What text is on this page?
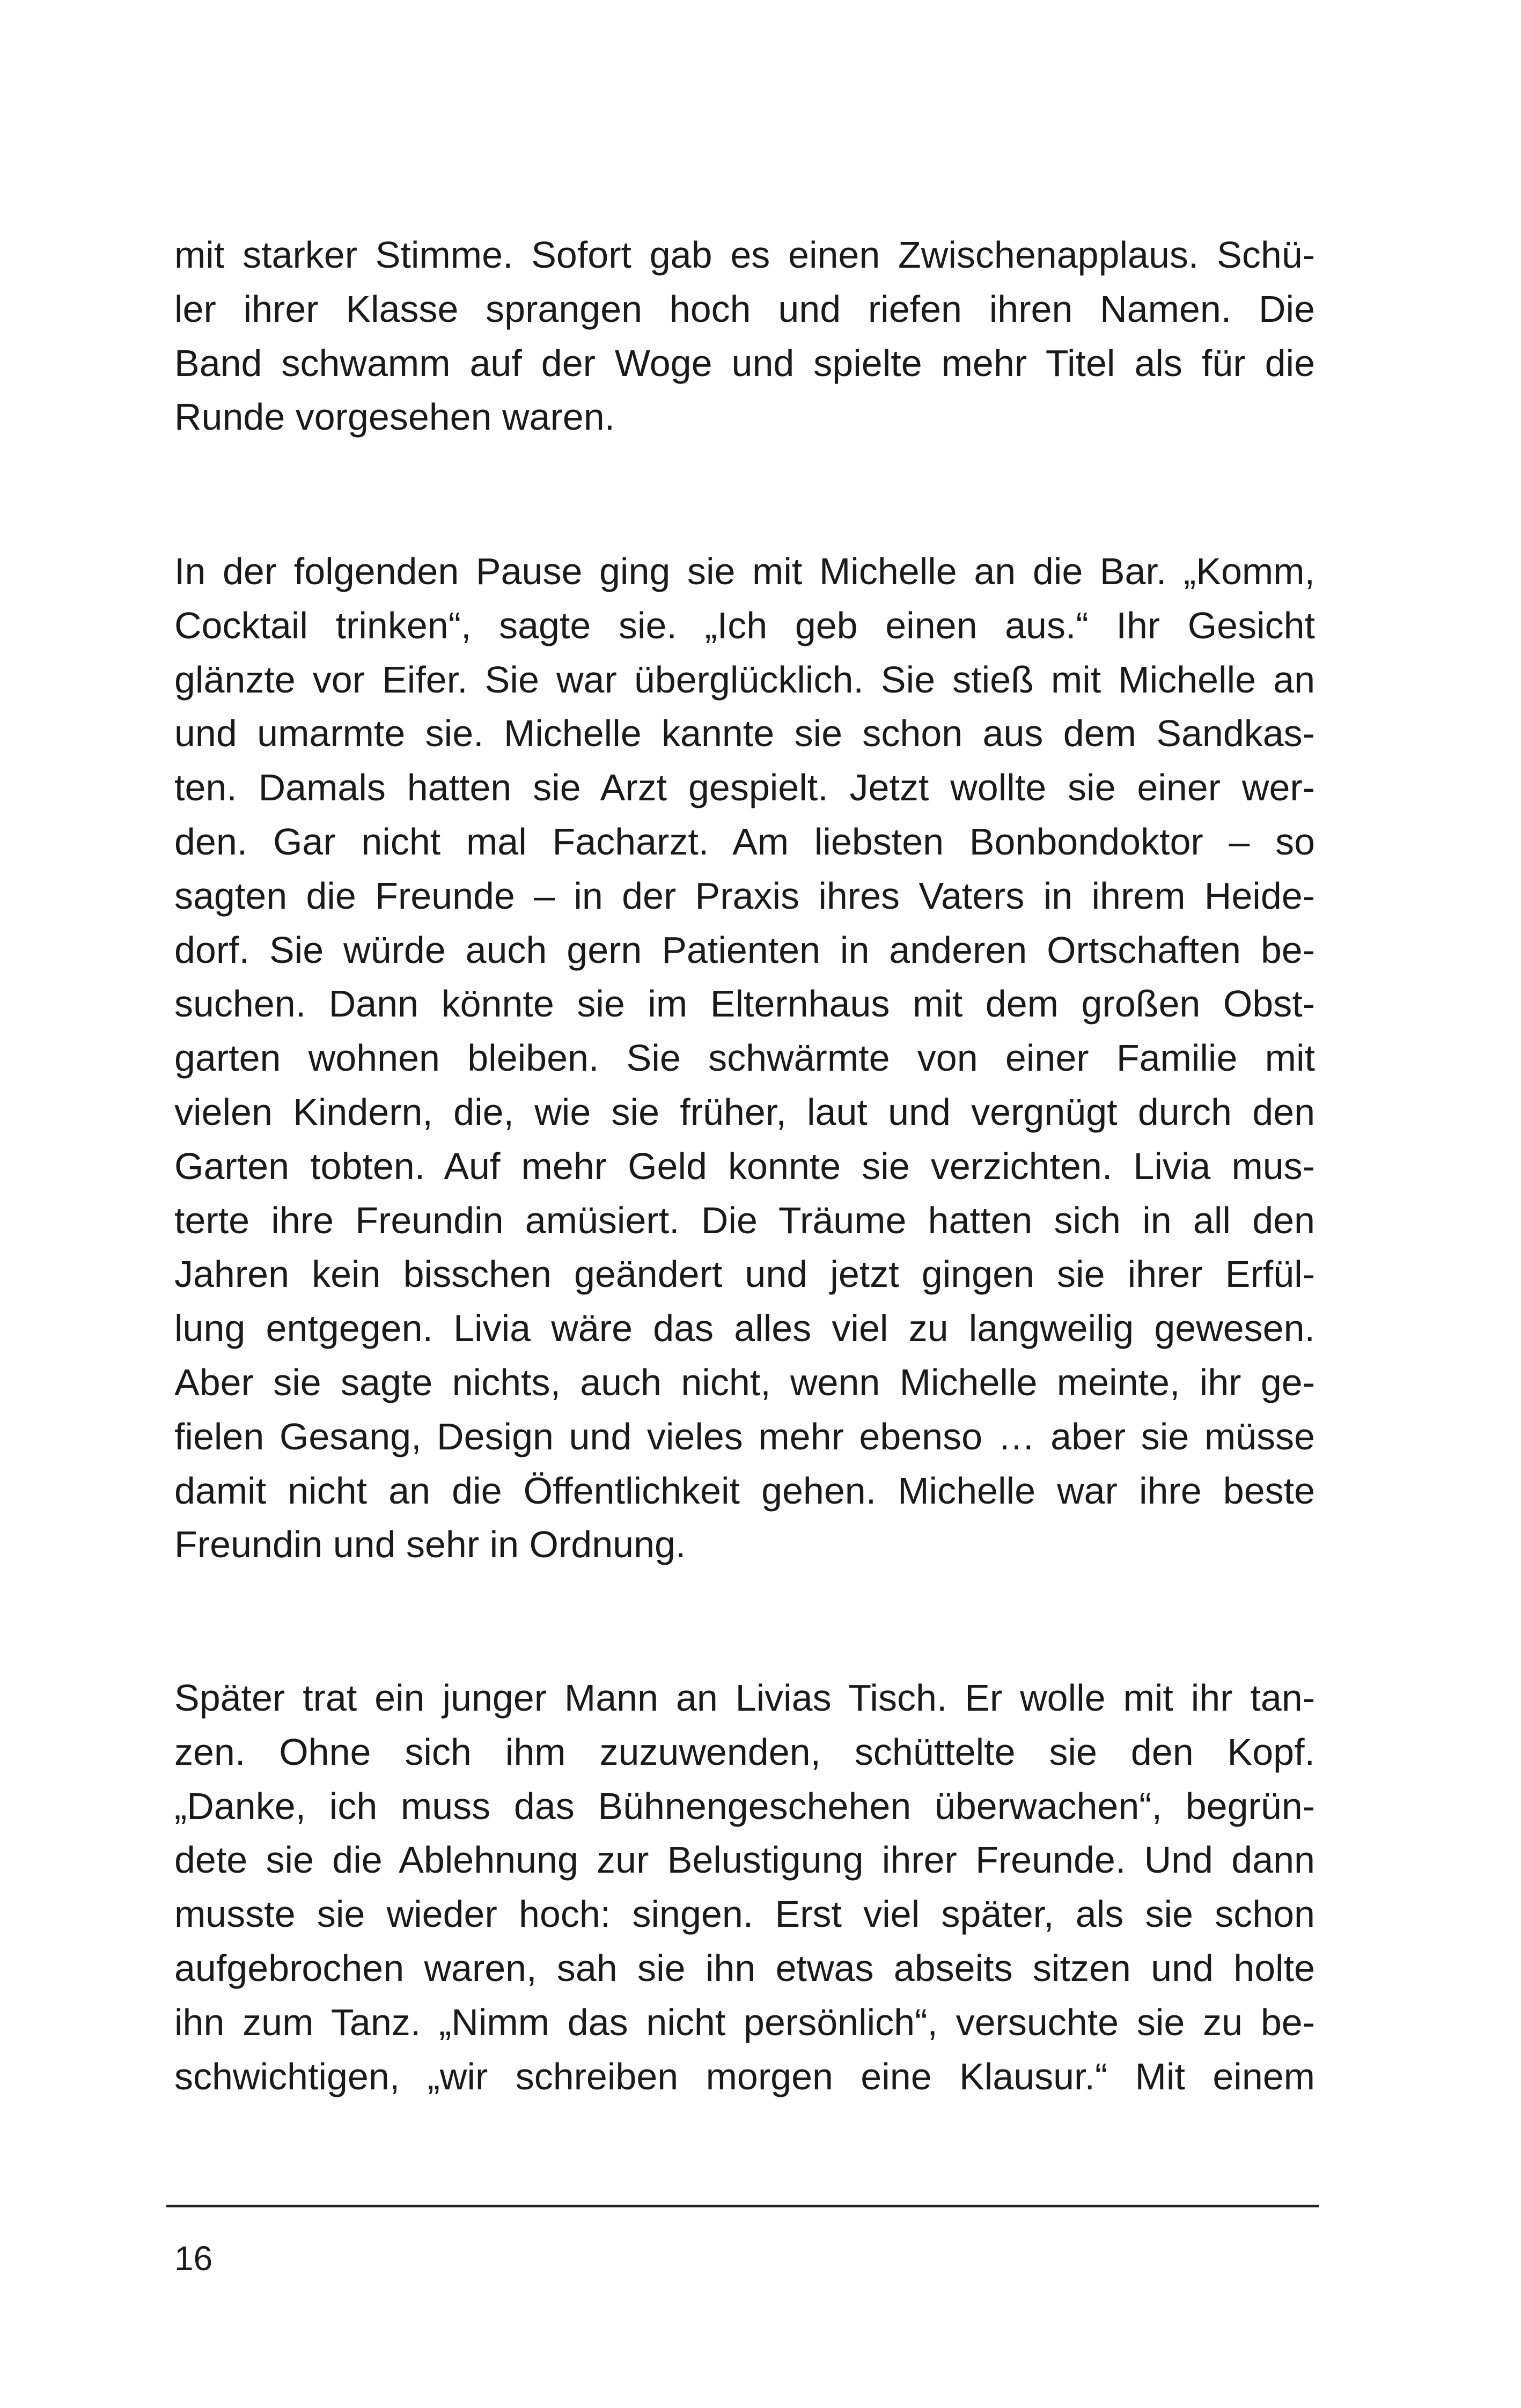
mit starker Stimme. Sofort gab es einen Zwischenapplaus. Schü-
ler ihrer Klasse sprangen hoch und riefen ihren Namen. Die
Band schwamm auf der Woge und spielte mehr Titel als für die
Runde vorgesehen waren.
In der folgenden Pause ging sie mit Michelle an die Bar. „Komm,
Cocktail trinken“, sagte sie. „Ich geb einen aus.“ Ihr Gesicht
glänzte vor Eifer. Sie war überglücklich. Sie stieß mit Michelle an
und umarmte sie. Michelle kannte sie schon aus dem Sandkas-
ten. Damals hatten sie Arzt gespielt. Jetzt wollte sie einer wer-
den. Gar nicht mal Facharzt. Am liebsten Bonbondoktor – so
sagten die Freunde – in der Praxis ihres Vaters in ihrem Heide-
dorf. Sie würde auch gern Patienten in anderen Ortschaften be-
suchen. Dann könnte sie im Elternhaus mit dem großen Obst-
garten wohnen bleiben. Sie schwärmte von einer Familie mit
vielen Kindern, die, wie sie früher, laut und vergnügt durch den
Garten tobten. Auf mehr Geld konnte sie verzichten. Livia mus-
terte ihre Freundin amüsiert. Die Träume hatten sich in all den
Jahren kein bisschen geändert und jetzt gingen sie ihrer Erfül-
lung entgegen. Livia wäre das alles viel zu langweilig gewesen.
Aber sie sagte nichts, auch nicht, wenn Michelle meinte, ihr ge-
fielen Gesang, Design und vieles mehr ebenso … aber sie müsse
damit nicht an die Öffentlichkeit gehen. Michelle war ihre beste
Freundin und sehr in Ordnung.
Später trat ein junger Mann an Livias Tisch. Er wolle mit ihr tan-
zen. Ohne sich ihm zuzuwenden, schüttelte sie den Kopf.
„Danke, ich muss das Bühnengeschehen überwachen“, begrün-
dete sie die Ablehnung zur Belustigung ihrer Freunde. Und dann
musste sie wieder hoch: singen. Erst viel später, als sie schon
aufgebrochen waren, sah sie ihn etwas abseits sitzen und holte
ihn zum Tanz. „Nimm das nicht persönlich“, versuchte sie zu be-
schwichtigen, „wir schreiben morgen eine Klausur.“ Mit einem
16
